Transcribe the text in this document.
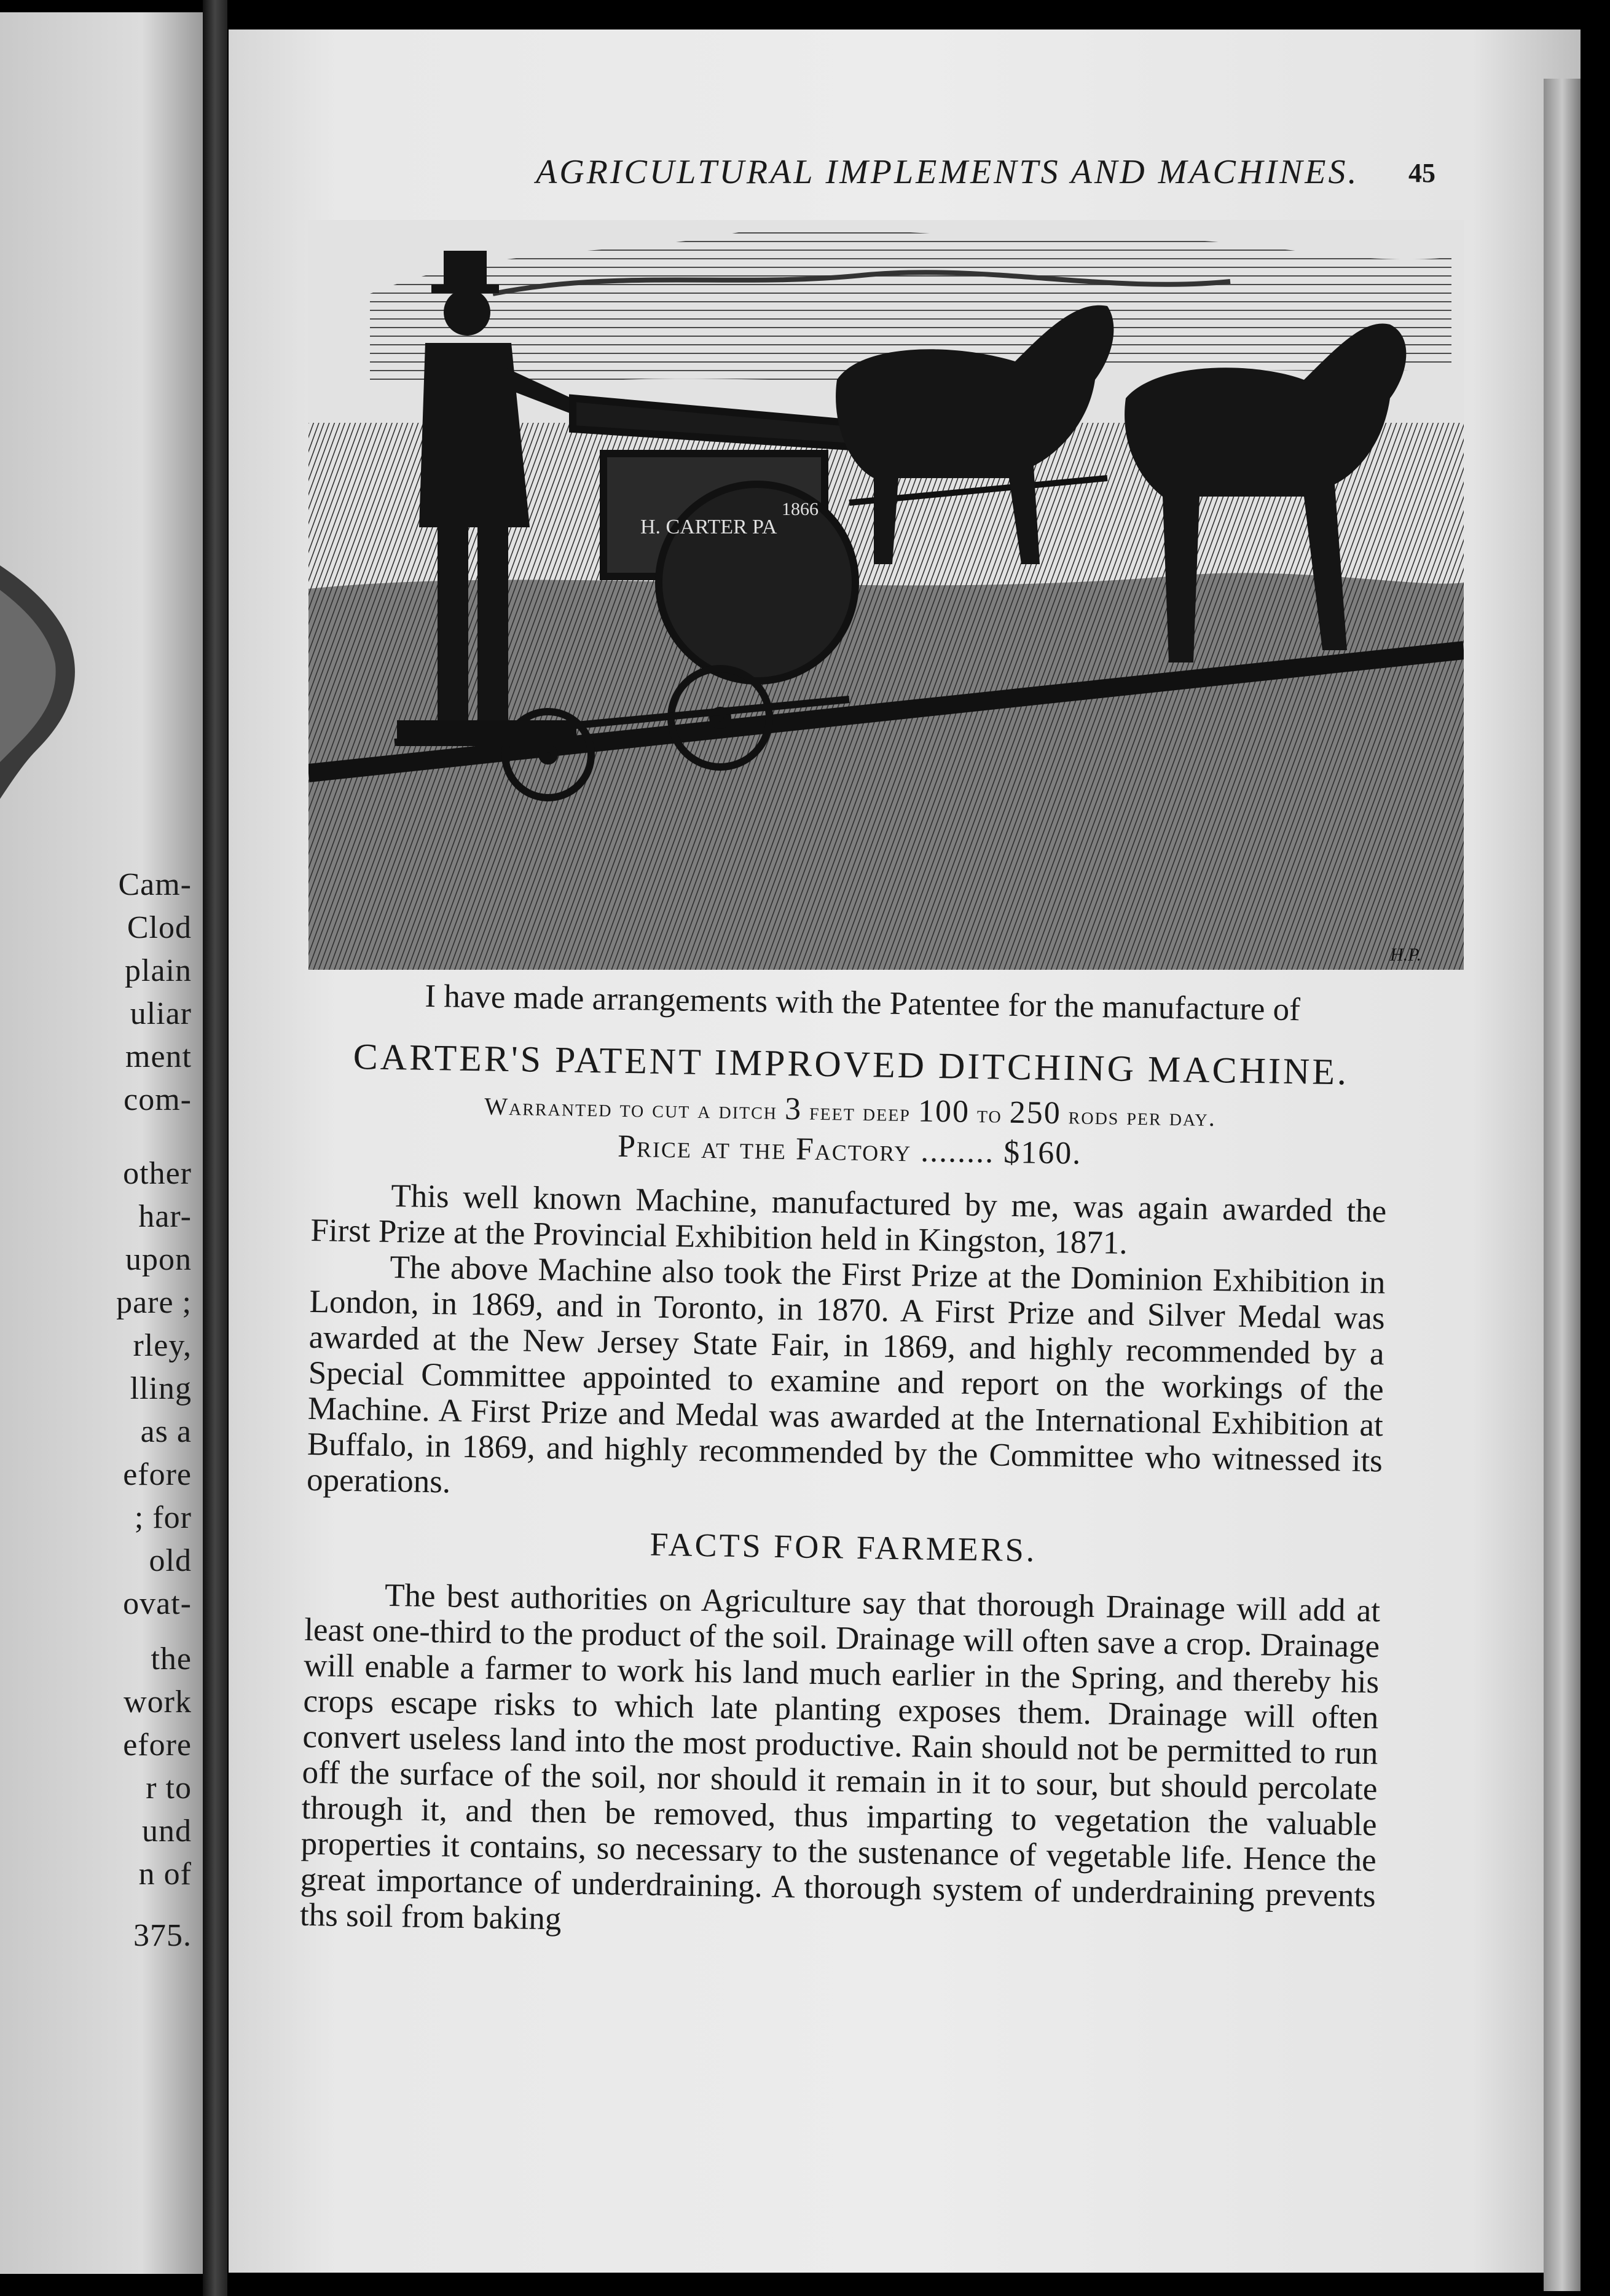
Cam-
Clod
plain
uliar
ment
com-
other
har-
upon
pare ;
rley,
lling
as a
efore
; for
old
ovat-
the
work
efore
r to
und
n of
375.
AGRICULTURAL IMPLEMENTS AND MACHINES. 45
H. CARTER PA
1866
H.P.

I have made arrangements with the Patentee for the manufacture of

CARTER'S PATENT IMPROVED DITCHING MACHINE.

Warranted to cut a ditch 3 feet deep 100 to 250 rods per day.

Price at the Factory ........ $160.

This well known Machine, manufactured by me, was again awarded the First Prize at the Provincial Exhibition held in Kingston, 1871.

The above Machine also took the First Prize at the Dominion Exhibition in London, in 1869, and in Toronto, in 1870. A First Prize and Silver Medal was awarded at the New Jersey State Fair, in 1869, and highly recommended by a Special Committee appointed to examine and report on the workings of the Machine. A First Prize and Medal was awarded at the International Exhibition at Buffalo, in 1869, and highly recommended by the Committee who witnessed its operations.

FACTS FOR FARMERS.

The best authorities on Agriculture say that thorough Drainage will add at least one-third to the product of the soil. Drainage will often save a crop. Drainage will enable a farmer to work his land much earlier in the Spring, and thereby his crops escape risks to which late planting exposes them. Drainage will often convert useless land into the most productive. Rain should not be permitted to run off the surface of the soil, nor should it remain in it to sour, but should percolate through it, and then be removed, thus imparting to vegetation the valuable properties it contains, so necessary to the sustenance of vegetable life. Hence the great importance of underdraining. A thorough system of underdraining prevents ths soil from baking
